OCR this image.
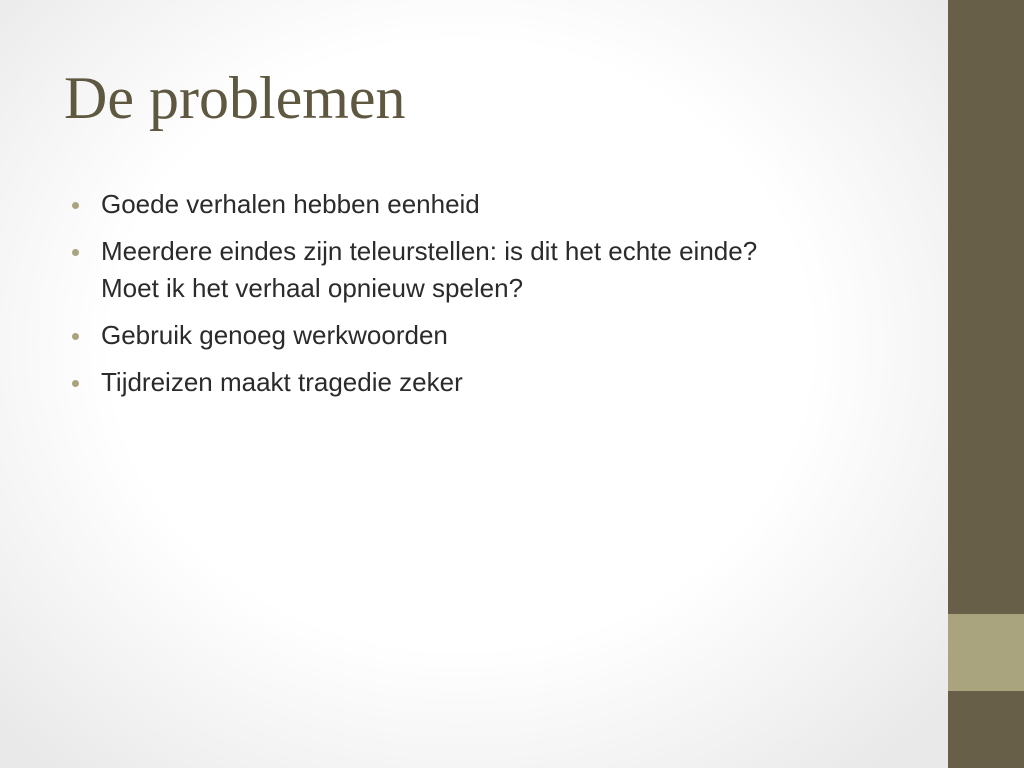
De problemen
Goede verhalen hebben eenheid
Meerdere eindes zijn teleurstellen: is dit het echte einde?
Moet ik het verhaal opnieuw spelen?
Gebruik genoeg werkwoorden
Tijdreizen maakt tragedie zeker
